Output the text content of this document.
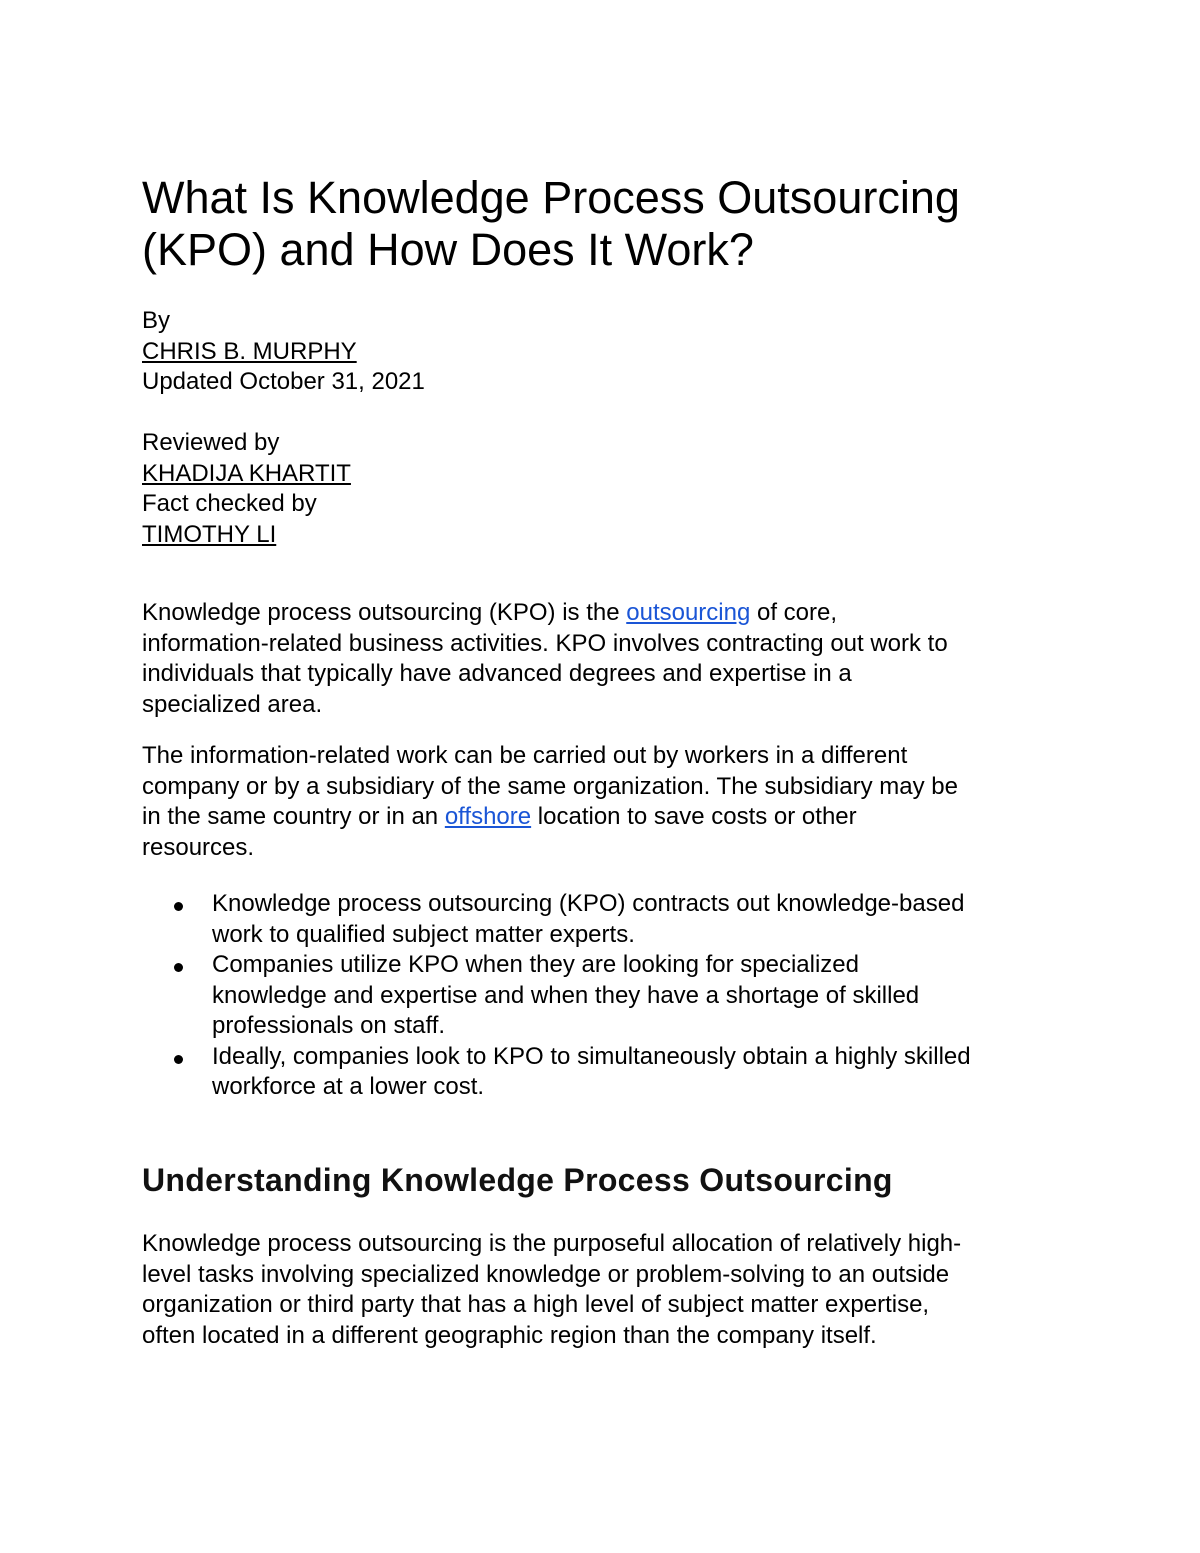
What Is Knowledge Process Outsourcing
(KPO) and How Does It Work?
By
CHRIS B. MURPHY
Updated October 31, 2021
Reviewed by
KHADIJA KHARTIT
Fact checked by
TIMOTHY LI

Knowledge process outsourcing (KPO) is the outsourcing of core,
information-related business activities. KPO involves contracting out work to
individuals that typically have advanced degrees and expertise in a
specialized area.

The information-related work can be carried out by workers in a different
company or by a subsidiary of the same organization. The subsidiary may be
in the same country or in an offshore location to save costs or other
resources.

Knowledge process outsourcing (KPO) contracts out knowledge-based
work to qualified subject matter experts.
Companies utilize KPO when they are looking for specialized
knowledge and expertise and when they have a shortage of skilled
professionals on staff.
Ideally, companies look to KPO to simultaneously obtain a highly skilled
workforce at a lower cost.
Understanding Knowledge Process Outsourcing

Knowledge process outsourcing is the purposeful allocation of relatively high-
level tasks involving specialized knowledge or problem-solving to an outside
organization or third party that has a high level of subject matter expertise,
often located in a different geographic region than the company itself.
